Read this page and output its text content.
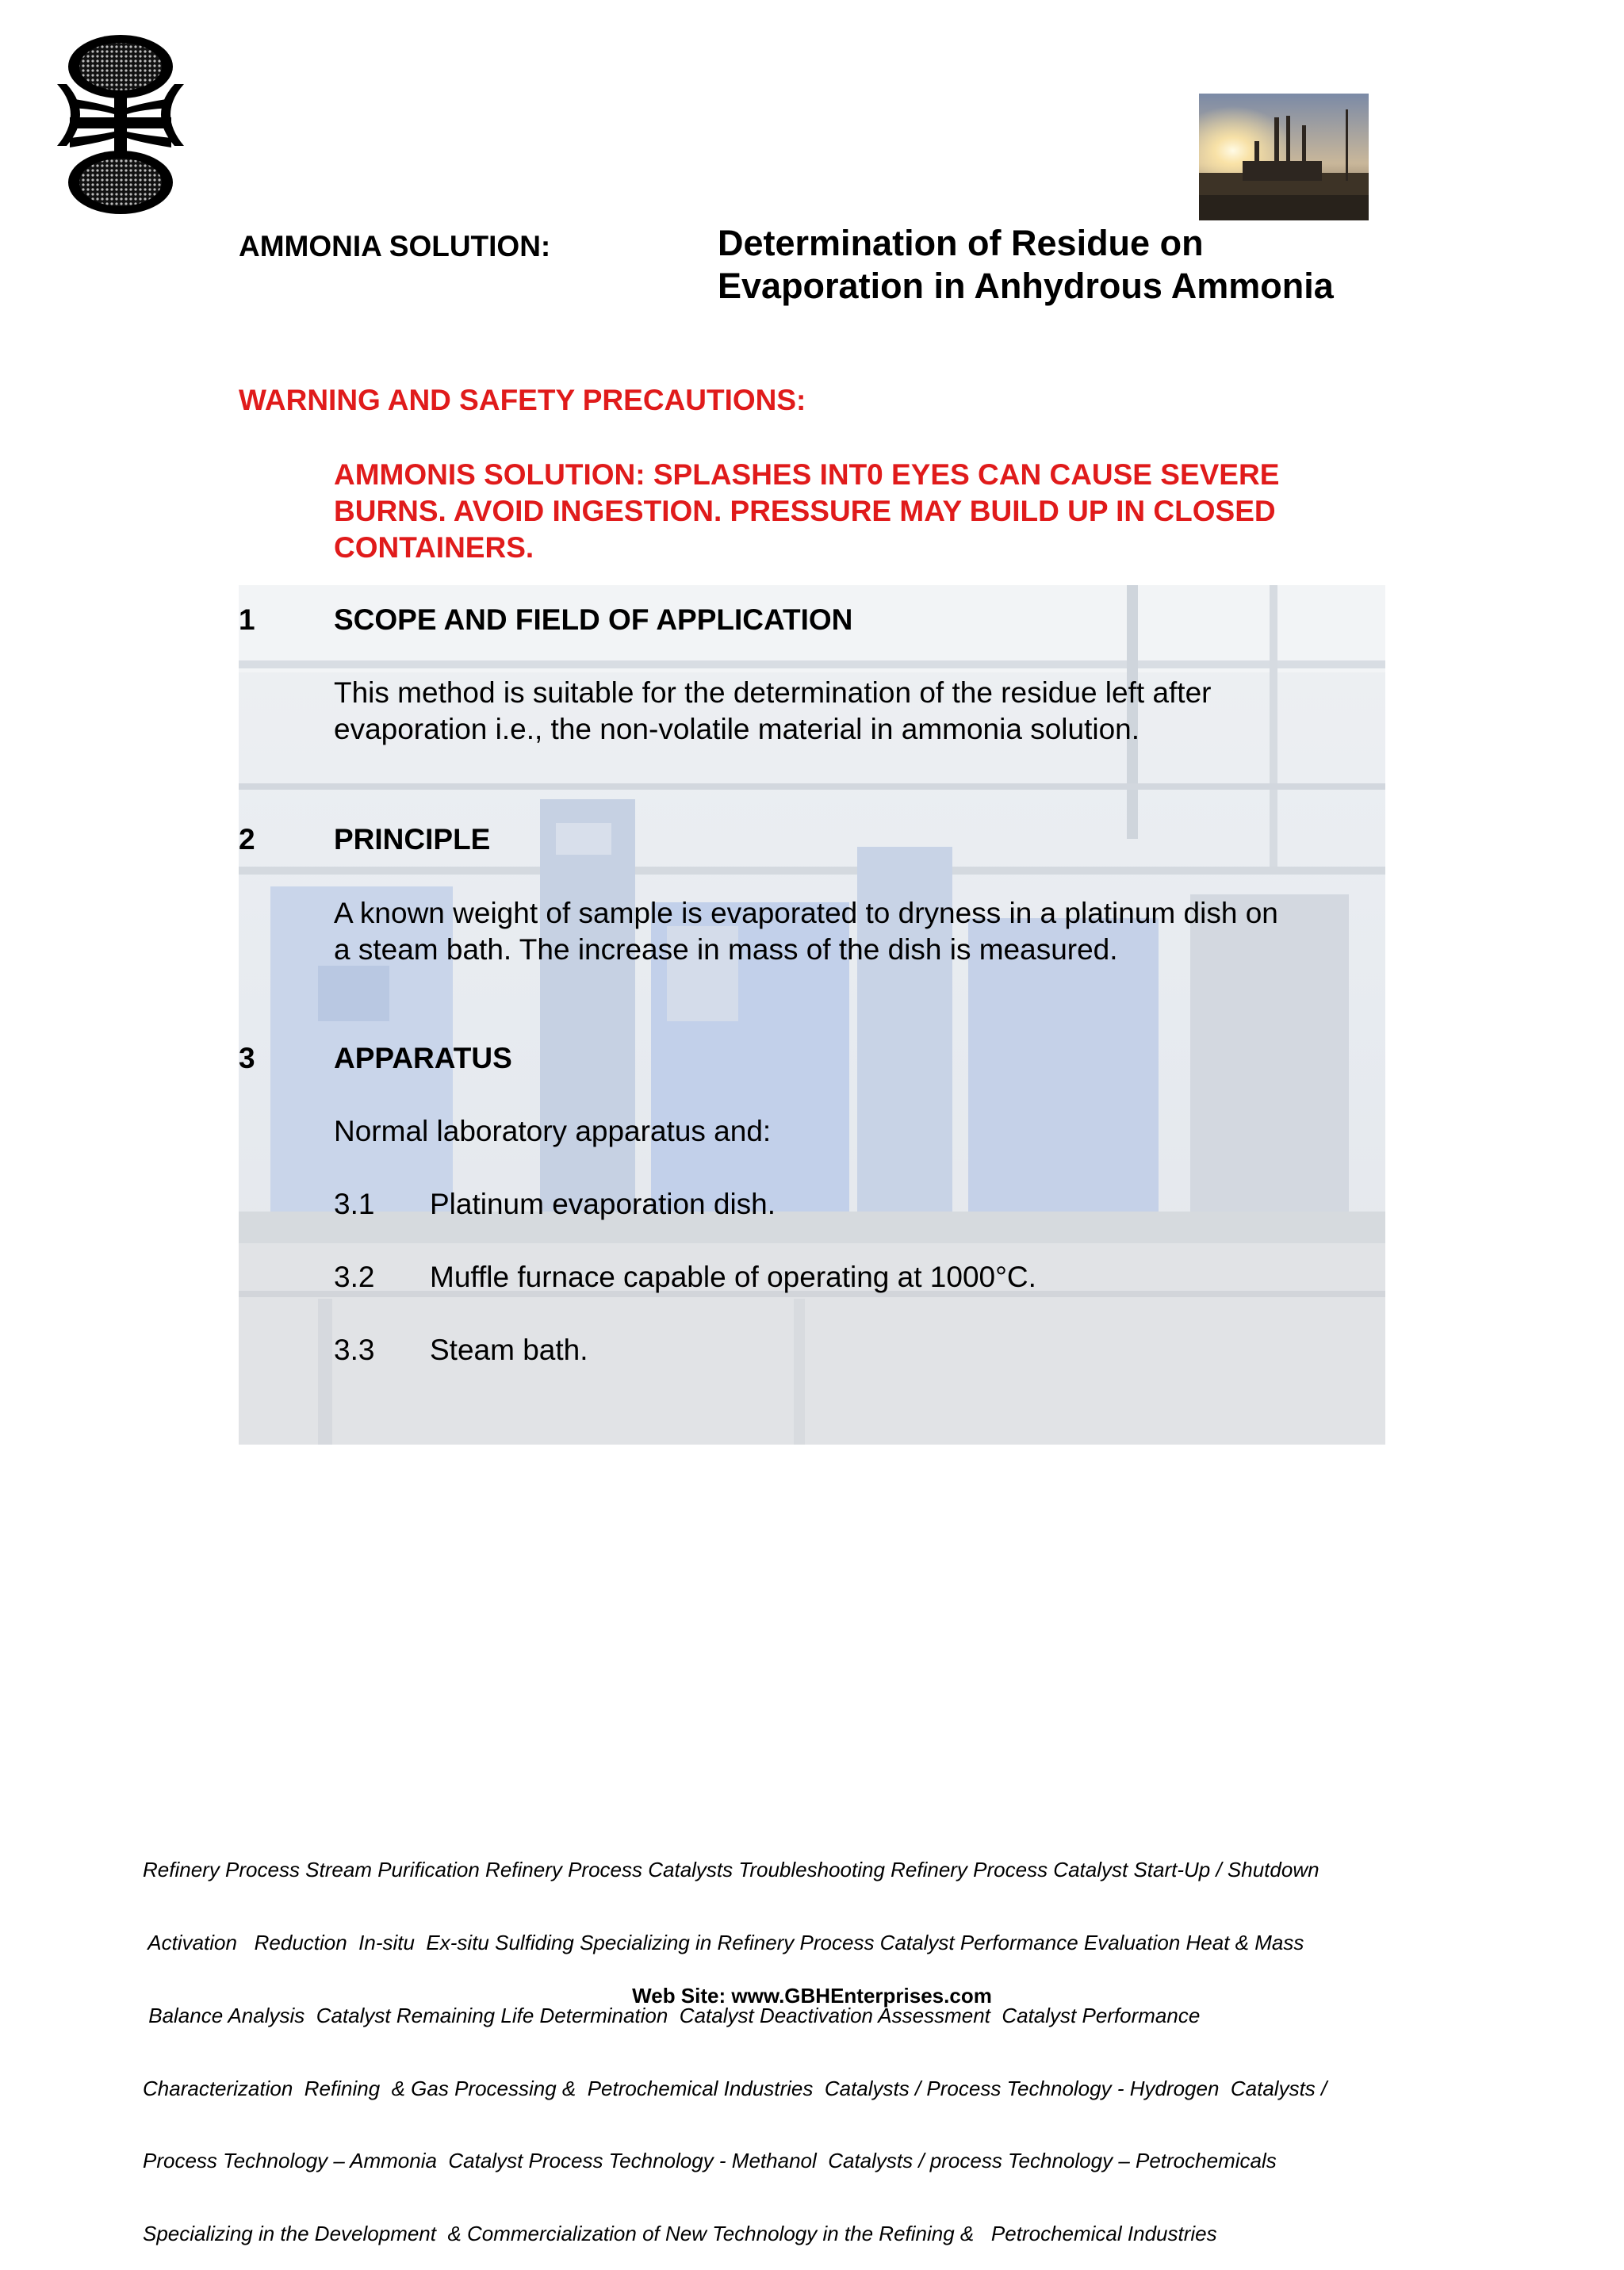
AMMONIA SOLUTION:	Determination of Residue on
Evaporation in Anhydrous Ammonia
WARNING AND SAFETY PRECAUTIONS:
AMMONIS SOLUTION: SPLASHES INT0 EYES CAN CAUSE SEVERE
BURNS. AVOID INGESTION. PRESSURE MAY BUILD UP IN CLOSED
CONTAINERS.
1	SCOPE AND FIELD OF APPLICATION
This method is suitable for the determination of the residue left after
evaporation i.e., the non-volatile material in ammonia solution.
2	PRINCIPLE
A known weight of sample is evaporated to dryness in a platinum dish on
a steam bath. The increase in mass of the dish is measured.
3	APPARATUS
Normal laboratory apparatus and:
3.1 Platinum evaporation dish.
3.2 Muffle furnace capable of operating at 1000°C.
3.3 Steam bath.

Refinery Process Stream Purification Refinery Process Catalysts Troubleshooting Refinery Process Catalyst Start-Up / Shutdown

Activation   Reduction  In-situ  Ex-situ Sulfiding Specializing in Refinery Process Catalyst Performance Evaluation Heat & Mass

Balance Analysis  Catalyst Remaining Life Determination  Catalyst Deactivation Assessment  Catalyst Performance

Characterization  Refining  & Gas Processing &  Petrochemical Industries  Catalysts / Process Technology - Hydrogen  Catalysts /

Process Technology – Ammonia  Catalyst Process Technology - Methanol  Catalysts / process Technology – Petrochemicals

Specializing in the Development  & Commercialization of New Technology in the Refining &   Petrochemical Industries

Web Site: www.GBHEnterprises.com
